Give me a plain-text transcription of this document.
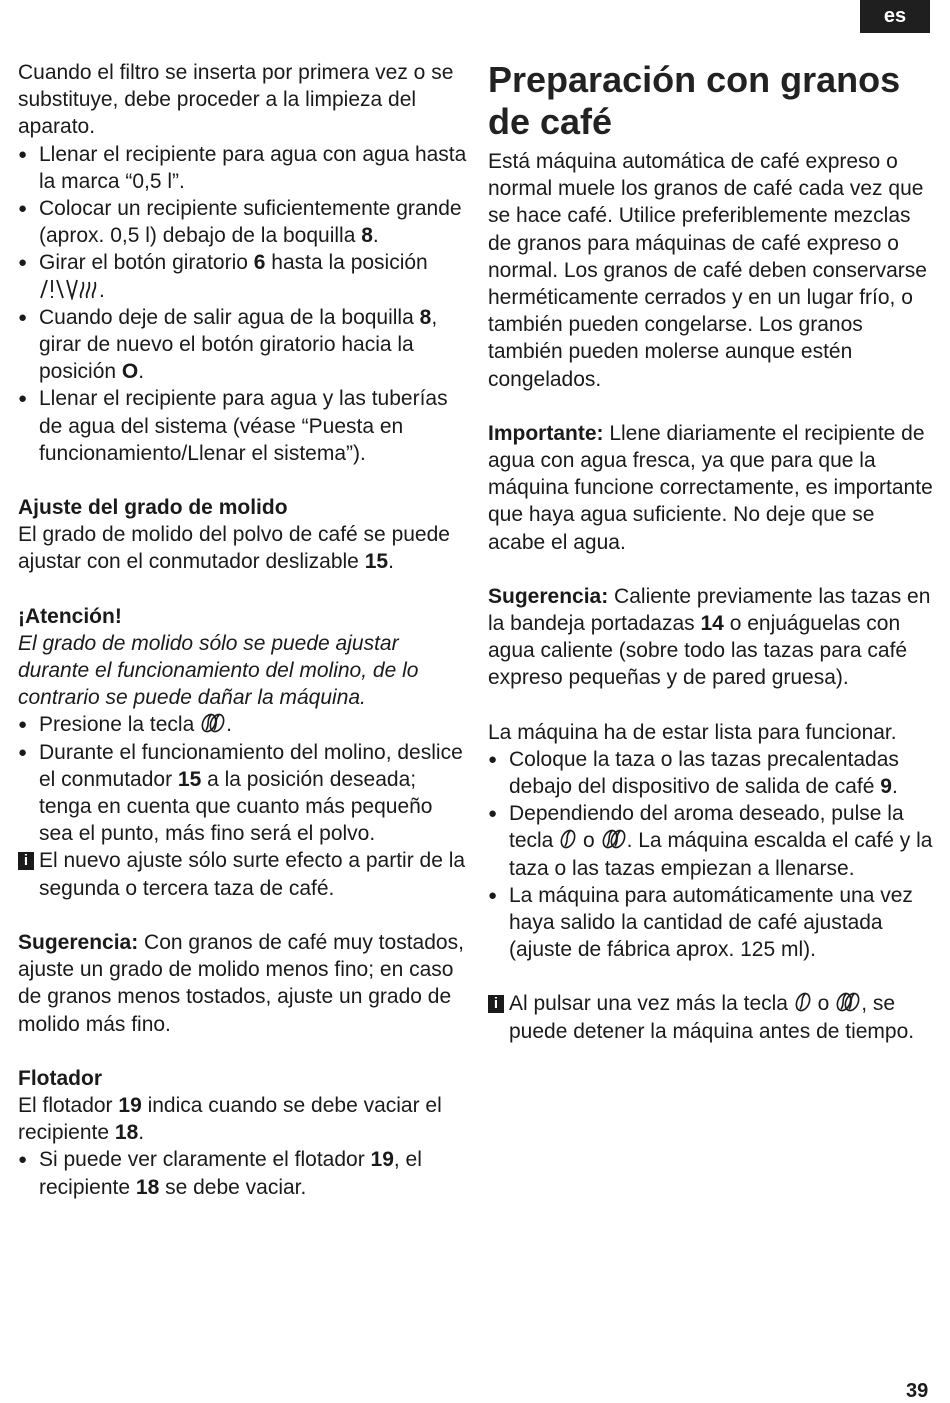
es

Cuando el filtro se inserta por primera vez o se substituye, debe proceder a la limpieza del aparato.

● Llenar el recipiente para agua con agua hasta la marca “0,5 l”.

● Colocar un recipiente suficientemente grande (aprox. 0,5 l) debajo de la boquilla 8.

● Girar el botón giratorio 6 hasta la posición
.

● Cuando deje de salir agua de la boquilla 8, girar de nuevo el botón giratorio hacia la posición O.

● Llenar el recipiente para agua y las tuberías de agua del sistema (véase “Puesta en funcionamiento/Llenar el sistema”).

Ajuste del grado de molido

El grado de molido del polvo de café se puede ajustar con el conmutador deslizable 15.

¡Atención!

El grado de molido sólo se puede ajustar durante el funcionamiento del molino, de lo contrario se puede dañar la máquina.

● Presione la tecla .

● Durante el funcionamiento del molino, deslice el conmutador 15 a la posición deseada; tenga en cuenta que cuanto más pequeño sea el punto, más fino será el polvo.

i El nuevo ajuste sólo surte efecto a partir de la segunda o tercera taza de café.

Sugerencia: Con granos de café muy tostados, ajuste un grado de molido menos fino; en caso de granos menos tostados, ajuste un grado de molido más fino.

Flotador

El flotador 19 indica cuando se debe vaciar el recipiente 18.

● Si puede ver claramente el flotador 19, el recipiente 18 se debe vaciar.

Preparación con granos de café

Está máquina automática de café expreso o normal muele los granos de café cada vez que se hace café. Utilice preferiblemente mezclas de granos para máquinas de café expreso o normal. Los granos de café deben conservarse herméticamente cerrados y en un lugar frío, o también pueden congelarse. Los granos también pueden molerse aunque estén congelados.

Importante: Llene diariamente el recipiente de agua con agua fresca, ya que para que la máquina funcione correctamente, es importante que haya agua suficiente. No deje que se acabe el agua.

Sugerencia: Caliente previamente las tazas en la bandeja portadazas 14 o enjuáguelas con agua caliente (sobre todo las tazas para café expreso pequeñas y de pared gruesa).

La máquina ha de estar lista para funcionar.

● Coloque la taza o las tazas precalentadas debajo del dispositivo de salida de café 9.

● Dependiendo del aroma deseado, pulse la tecla o . La máquina escalda el café y la taza o las tazas empiezan a llenarse.

● La máquina para automáticamente una vez haya salido la cantidad de café ajustada (ajuste de fábrica aprox. 125 ml).

i Al pulsar una vez más la tecla o , se puede detener la máquina antes de tiempo.

39
